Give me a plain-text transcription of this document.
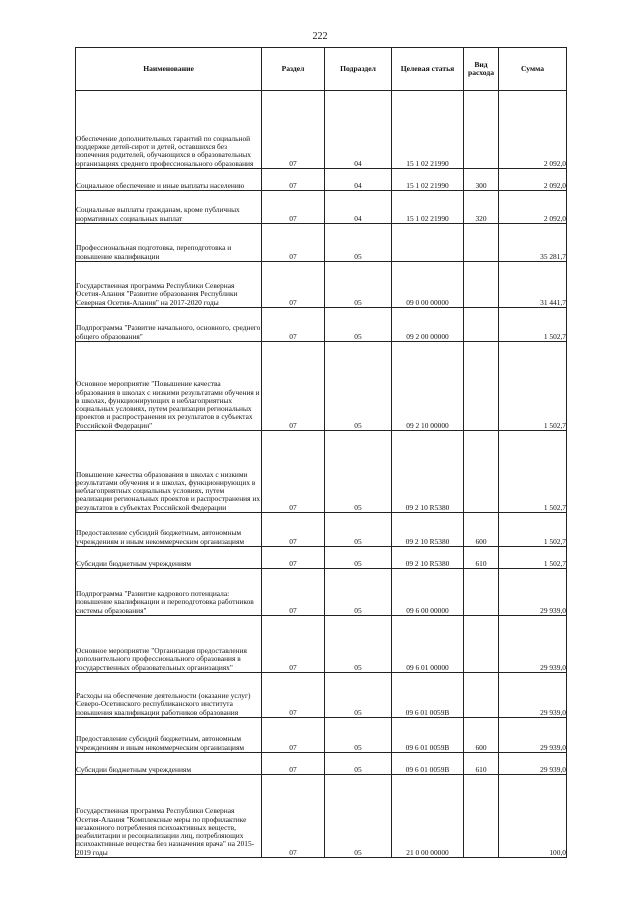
222
Наименование	Раздел	Подраздел	Целевая статья	Вид расхода	Сумма
Обеспечение дополнительных гарантий по социальной поддержке детей-сирот и детей, оставшихся без попечения родителей, обучающихся в образовательных организациях среднего профессионального образования	07	04	15 1 02 21990		2 092,0
Социальное обеспечение и иные выплаты населению	07	04	15 1 02 21990	300	2 092,0
Социальные выплаты гражданам, кроме публичных нормативных социальных выплат	07	04	15 1 02 21990	320	2 092,0
Профессиональная подготовка, переподготовка и повышение квалификации	07	05			35 281,7
Государственная программа Республики Северная Осетия-Алания "Развитие образования Республики Северная Осетия-Алания" на 2017-2020 годы	07	05	09 0 00 00000		31 441,7
Подпрограмма "Развитие начального, основного, среднего общего образования"	07	05	09 2 00 00000		1 502,7
Основное мероприятие "Повышение качества образования в школах с низкими результатами обучения и в школах, функционирующих в неблагоприятных социальных условиях, путем реализации региональных проектов и распространения их результатов в субъектах Российской Федерации"	07	05	09 2 10 00000		1 502,7
Повышение качества образования в школах с низкими результатами обучения и в школах, функционирующих в неблагоприятных социальных условиях, путем реализации региональных проектов и распространения их результатов в субъектах Российской Федерации	07	05	09 2 10 R5380		1 502,7
Предоставление субсидий бюджетным, автономным учреждениям и иным некоммерческим организациям	07	05	09 2 10 R5380	600	1 502,7
Субсидии бюджетным учреждениям	07	05	09 2 10 R5380	610	1 502,7
Подпрограмма "Развитие кадрового потенциала: повышение квалификации и переподготовка работников системы образования"	07	05	09 6 00 00000		29 939,0
Основное мероприятие "Организация предоставления дополнительного профессионального образования в государственных образовательных организациях"	07	05	09 6 01 00000		29 939,0
Расходы на обеспечение деятельности (оказание услуг) Северо-Осетинского республиканского института повышения квалификации работников образования	07	05	09 6 01 0059В		29 939,0
Предоставление субсидий бюджетным, автономным учреждениям и иным некоммерческим организациям	07	05	09 6 01 0059В	600	29 939,0
Субсидии бюджетным учреждениям	07	05	09 6 01 0059В	610	29 939,0
Государственная программа Республики Северная Осетия-Алания "Комплексные меры по профилактике незаконного потребления психоактивных веществ, реабилитации и ресоциализации лиц, потребляющих психоактивные вещества без назначения врача" на 2015-2019 годы	07	05	21 0 00 00000		100,0
